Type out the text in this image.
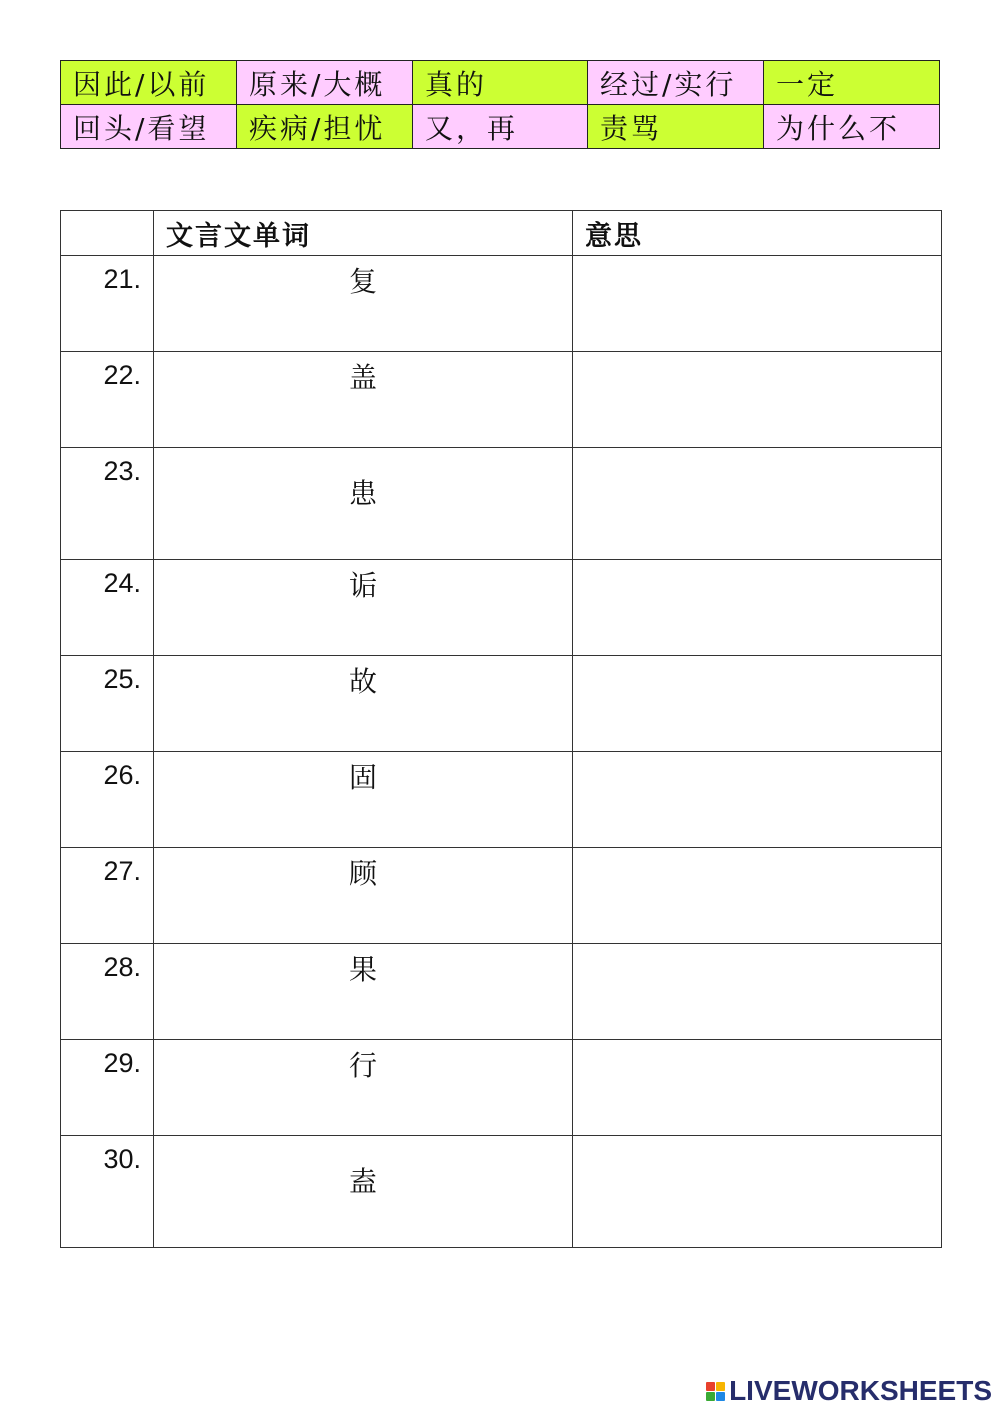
因此/以前	原来/大概	真的	经过/实行	一定
回头/看望	疾病/担忧	又，再	责骂	为什么不
	文言文单词	意思
21.	复	
22.	盖	
23.	患	
24.	诟	
25.	故	
26.	固	
27.	顾	
28.	果	
29.	行	
30.	盍	
LIVEWORKSHEETS
